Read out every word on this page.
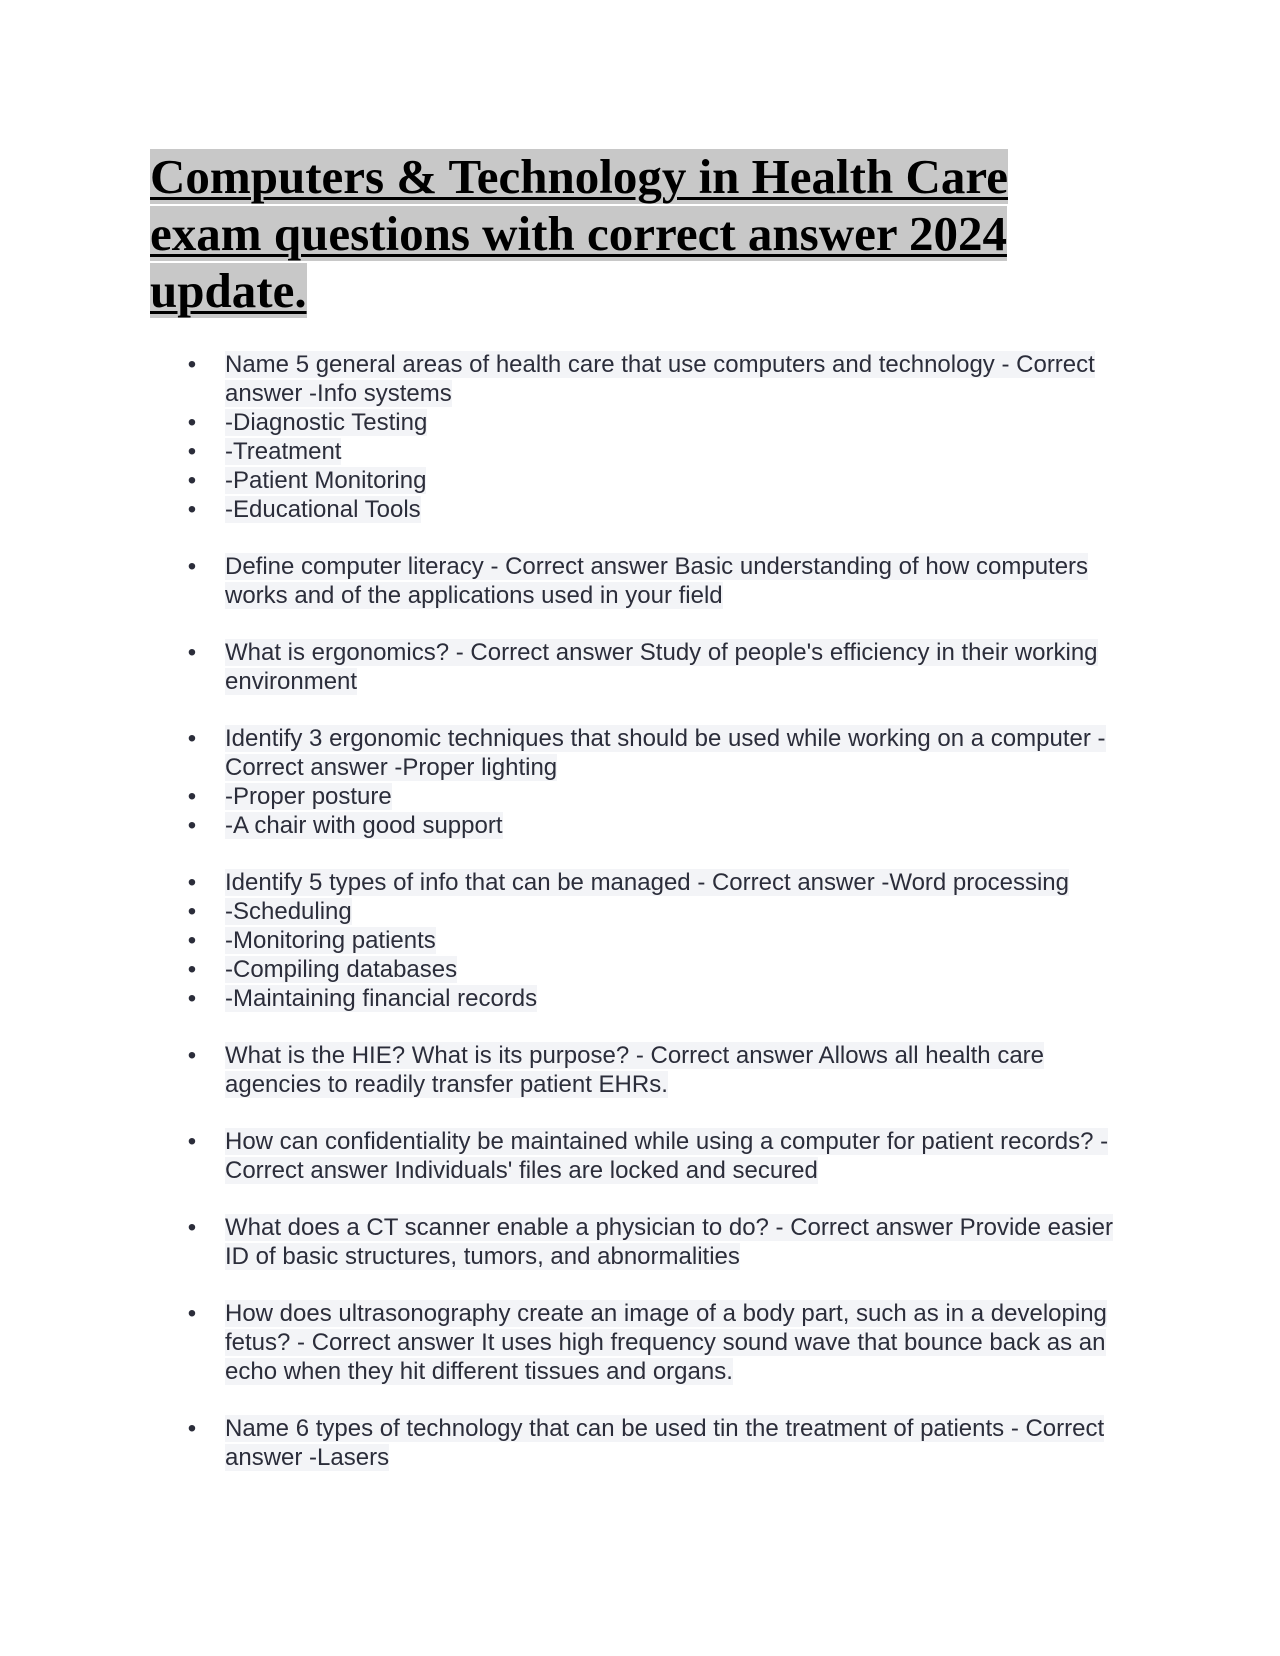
Computers & Technology in Health Care exam questions with correct answer 2024 update.
• Name 5 general areas of health care that use computers and technology - Correct answer -Info systems
• -Diagnostic Testing
• -Treatment
• -Patient Monitoring
• -Educational Tools
• Define computer literacy - Correct answer Basic understanding of how computers works and of the applications used in your field
• What is ergonomics? - Correct answer Study of people's efficiency in their working environment
• Identify 3 ergonomic techniques that should be used while working on a computer - Correct answer -Proper lighting
• -Proper posture
• -A chair with good support
• Identify 5 types of info that can be managed - Correct answer -Word processing
• -Scheduling
• -Monitoring patients
• -Compiling databases
• -Maintaining financial records
• What is the HIE? What is its purpose? - Correct answer Allows all health care agencies to readily transfer patient EHRs.
• How can confidentiality be maintained while using a computer for patient records? - Correct answer Individuals' files are locked and secured
• What does a CT scanner enable a physician to do? - Correct answer Provide easier ID of basic structures, tumors, and abnormalities
• How does ultrasonography create an image of a body part, such as in a developing fetus? - Correct answer It uses high frequency sound wave that bounce back as an echo when they hit different tissues and organs.
• Name 6 types of technology that can be used tin the treatment of patients - Correct answer -Lasers
